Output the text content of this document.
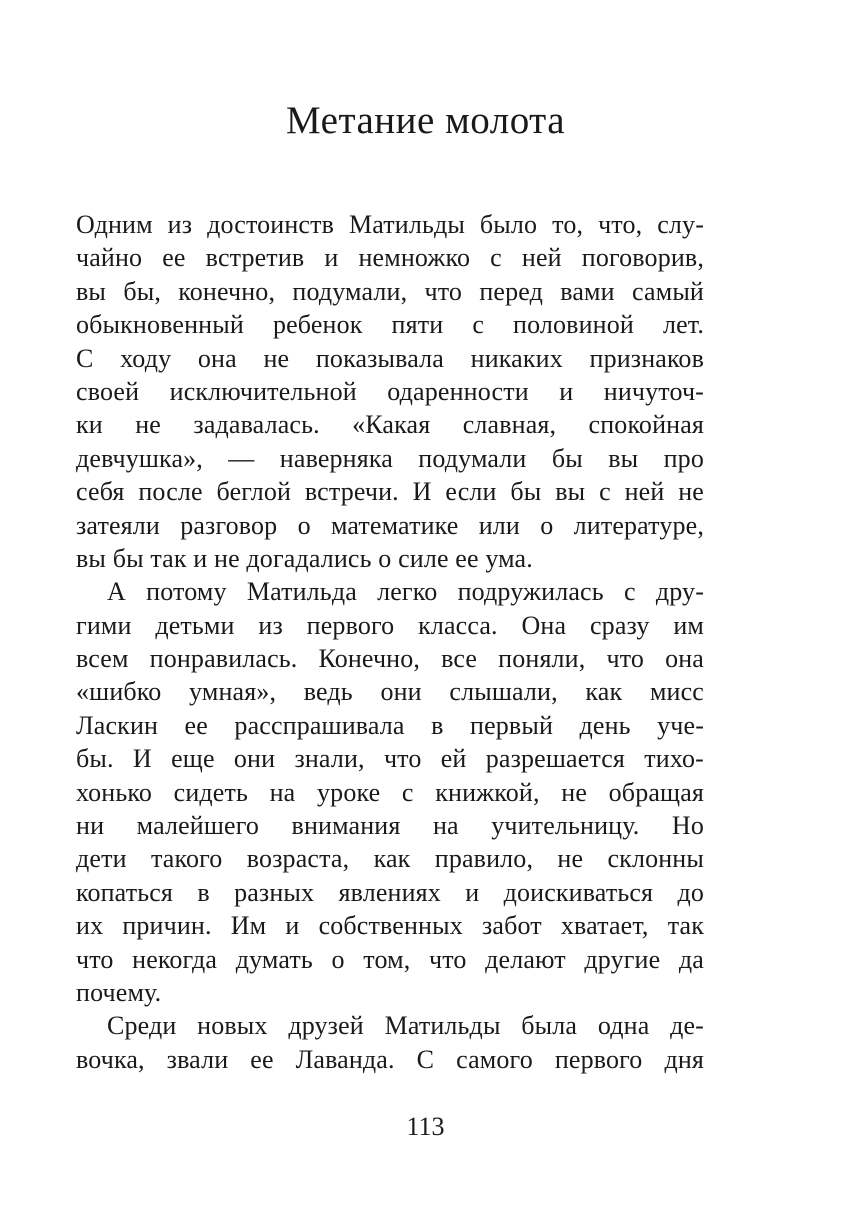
Метание молота
Одним из достоинств Матильды было то, что, слу-
чайно ее встретив и немножко с ней поговорив,
вы бы, конечно, подумали, что перед вами самый
обыкновенный ребенок пяти с половиной лет.
С ходу она не показывала никаких признаков
своей исключительной одаренности и ничуточ-
ки не задавалась. «Какая славная, спокойная
девчушка», — наверняка подумали бы вы про
себя после беглой встречи. И если бы вы с ней не
затеяли разговор о математике или о литературе,
вы бы так и не догадались о силе ее ума.
А потому Матильда легко подружилась с дру-
гими детьми из первого класса. Она сразу им
всем понравилась. Конечно, все поняли, что она
«шибко умная», ведь они слышали, как мисс
Ласкин ее расспрашивала в первый день уче-
бы. И еще они знали, что ей разрешается тихо-
хонько сидеть на уроке с книжкой, не обращая
ни малейшего внимания на учительницу. Но
дети такого возраста, как правило, не склонны
копаться в разных явлениях и доискиваться до
их причин. Им и собственных забот хватает, так
что некогда думать о том, что делают другие да
почему.
Среди новых друзей Матильды была одна де-
вочка, звали ее Лаванда. С самого первого дня
113
